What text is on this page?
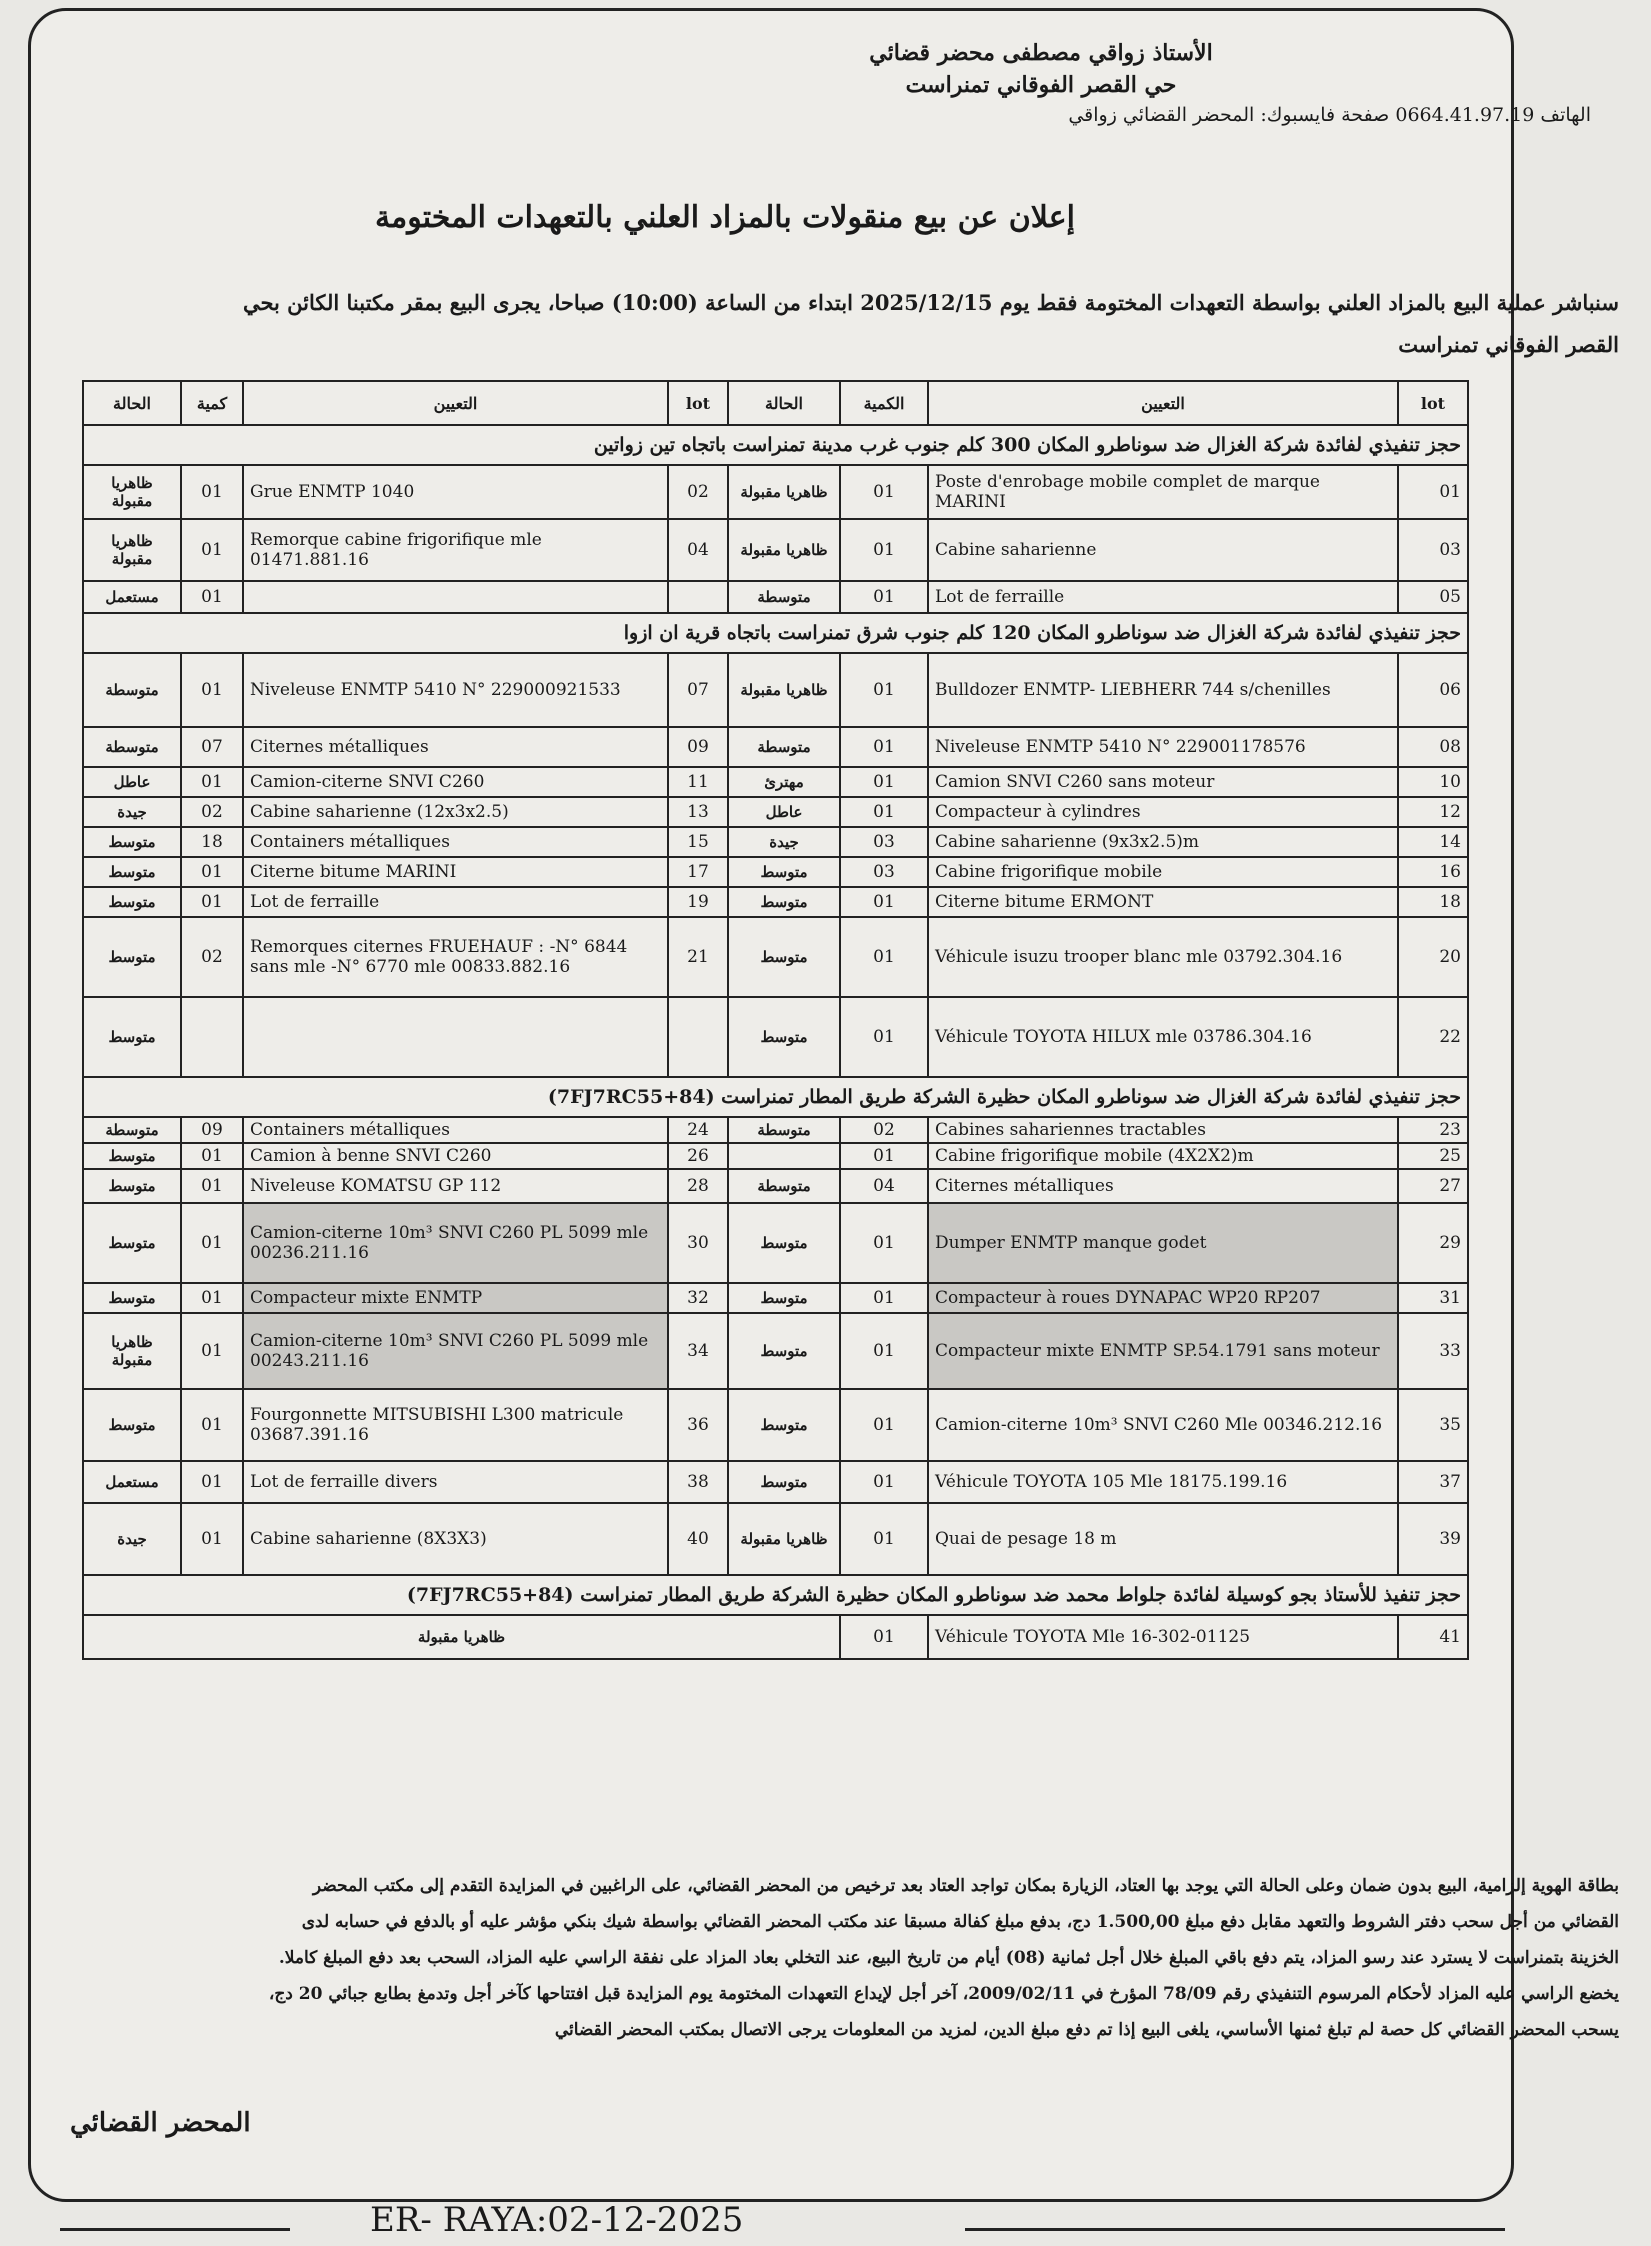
الأستاذ زواقي مصطفى محضر قضائي
حي القصر الفوقاني تمنراست
الهاتف 0664.41.97.19 صفحة فايسبوك: المحضر القضائي زواقي
إعلان عن بيع منقولات بالمزاد العلني بالتعهدات المختومة
سنباشر عملية البيع بالمزاد العلني بواسطة التعهدات المختومة فقط يوم 2025/12/15 ابتداء من الساعة (10:00) صباحا، يجرى البيع بمقر مكتبنا الكائن بحي القصر الفوقاني تمنراست
الحالة	كمية	التعيين	lot	الحالة	الكمية	التعيين	lot
حجز تنفيذي لفائدة شركة الغزال ضد سوناطرو المكان 300 كلم جنوب غرب مدينة تمنراست باتجاه تين زواتين							
ظاهريا مقبولة	01	Grue ENMTP 1040	02	ظاهريا مقبولة	01	Poste d'enrobage mobile complet de marque MARINI	01
ظاهريا مقبولة	01	Remorque cabine frigorifique mle 01471.881.16	04	ظاهريا مقبولة	01	Cabine saharienne	03
مستعمل	01			متوسطة	01	Lot de ferraille	05
حجز تنفيذي لفائدة شركة الغزال ضد سوناطرو المكان 120 كلم جنوب شرق تمنراست باتجاه قرية ان ازوا							
متوسطة	01	Niveleuse ENMTP 5410 N° 229000921533	07	ظاهريا مقبولة	01	Bulldozer ENMTP- LIEBHERR 744 s/chenilles	06
متوسطة	07	Citernes métalliques	09	متوسطة	01	Niveleuse ENMTP 5410 N° 229001178576	08
عاطل	01	Camion-citerne SNVI C260	11	مهترئ	01	Camion SNVI C260 sans moteur	10
جيدة	02	Cabine saharienne (12x3x2.5)	13	عاطل	01	Compacteur à cylindres	12
متوسط	18	Containers métalliques	15	جيدة	03	Cabine saharienne (9x3x2.5)m	14
متوسط	01	Citerne bitume MARINI	17	متوسط	03	Cabine frigorifique mobile	16
متوسط	01	Lot de ferraille	19	متوسط	01	Citerne bitume ERMONT	18
متوسط	02	Remorques citernes FRUEHAUF : -N° 6844 sans mle -N° 6770 mle 00833.882.16	21	متوسط	01	Véhicule isuzu trooper blanc mle 03792.304.16	20
متوسط				متوسط	01	Véhicule TOYOTA HILUX mle 03786.304.16	22
حجز تنفيذي لفائدة شركة الغزال ضد سوناطرو المكان حظيرة الشركة طريق المطار تمنراست (7FJ7RC55+84)							
متوسطة	09	Containers métalliques	24	متوسطة	02	Cabines sahariennes tractables	23
متوسط	01	Camion à benne SNVI C260	26		01	Cabine frigorifique mobile (4X2X2)m	25
متوسط	01	Niveleuse KOMATSU GP 112	28	متوسطة	04	Citernes métalliques	27
متوسط	01	Camion-citerne 10m³ SNVI C260 PL 5099 mle 00236.211.16	30	متوسط	01	Dumper ENMTP manque godet	29
متوسط	01	Compacteur mixte ENMTP	32	متوسط	01	Compacteur à roues DYNAPAC WP20 RP207	31
ظاهريا مقبولة	01	Camion-citerne 10m³ SNVI C260 PL 5099 mle 00243.211.16	34	متوسط	01	Compacteur mixte ENMTP SP.54.1791 sans moteur	33
متوسط	01	Fourgonnette MITSUBISHI L300 matricule 03687.391.16	36	متوسط	01	Camion-citerne 10m³ SNVI C260 Mle 00346.212.16	35
مستعمل	01	Lot de ferraille divers	38	متوسط	01	Véhicule TOYOTA 105 Mle 18175.199.16	37
جيدة	01	Cabine saharienne (8X3X3)	40	ظاهريا مقبولة	01	Quai de pesage 18 m	39
حجز تنفيذ للأستاذ بجو كوسيلة لفائدة جلواط محمد ضد سوناطرو المكان حظيرة الشركة طريق المطار تمنراست (7FJ7RC55+84)							
ظاهريا مقبولة					01	Véhicule TOYOTA Mle 16-302-01125	41
بطاقة الهوية إلزامية، البيع بدون ضمان وعلى الحالة التي يوجد بها العتاد، الزيارة بمكان تواجد العتاد بعد ترخيص من المحضر القضائي، على الراغبين في المزايدة التقدم إلى مكتب المحضر
القضائي من أجل سحب دفتر الشروط والتعهد مقابل دفع مبلغ 1.500,00 دج، بدفع مبلغ كفالة مسبقا عند مكتب المحضر القضائي بواسطة شيك بنكي مؤشر عليه أو بالدفع في حسابه لدى
الخزينة بتمنراست لا يسترد عند رسو المزاد، يتم دفع باقي المبلغ خلال أجل ثمانية (08) أيام من تاريخ البيع، عند التخلي بعاد المزاد على نفقة الراسي عليه المزاد، السحب بعد دفع المبلغ كاملا.
يخضع الراسي عليه المزاد لأحكام المرسوم التنفيذي رقم 78/09 المؤرخ في 2009/02/11، آخر أجل لإيداع التعهدات المختومة يوم المزايدة قبل افتتاحها كآخر أجل وتدمغ بطابع جبائي 20 دج،
يسحب المحضر القضائي كل حصة لم تبلغ ثمنها الأساسي، يلغى البيع إذا تم دفع مبلغ الدين، لمزيد من المعلومات يرجى الاتصال بمكتب المحضر القضائي
المحضر القضائي
ER- RAYA:02-12-2025
